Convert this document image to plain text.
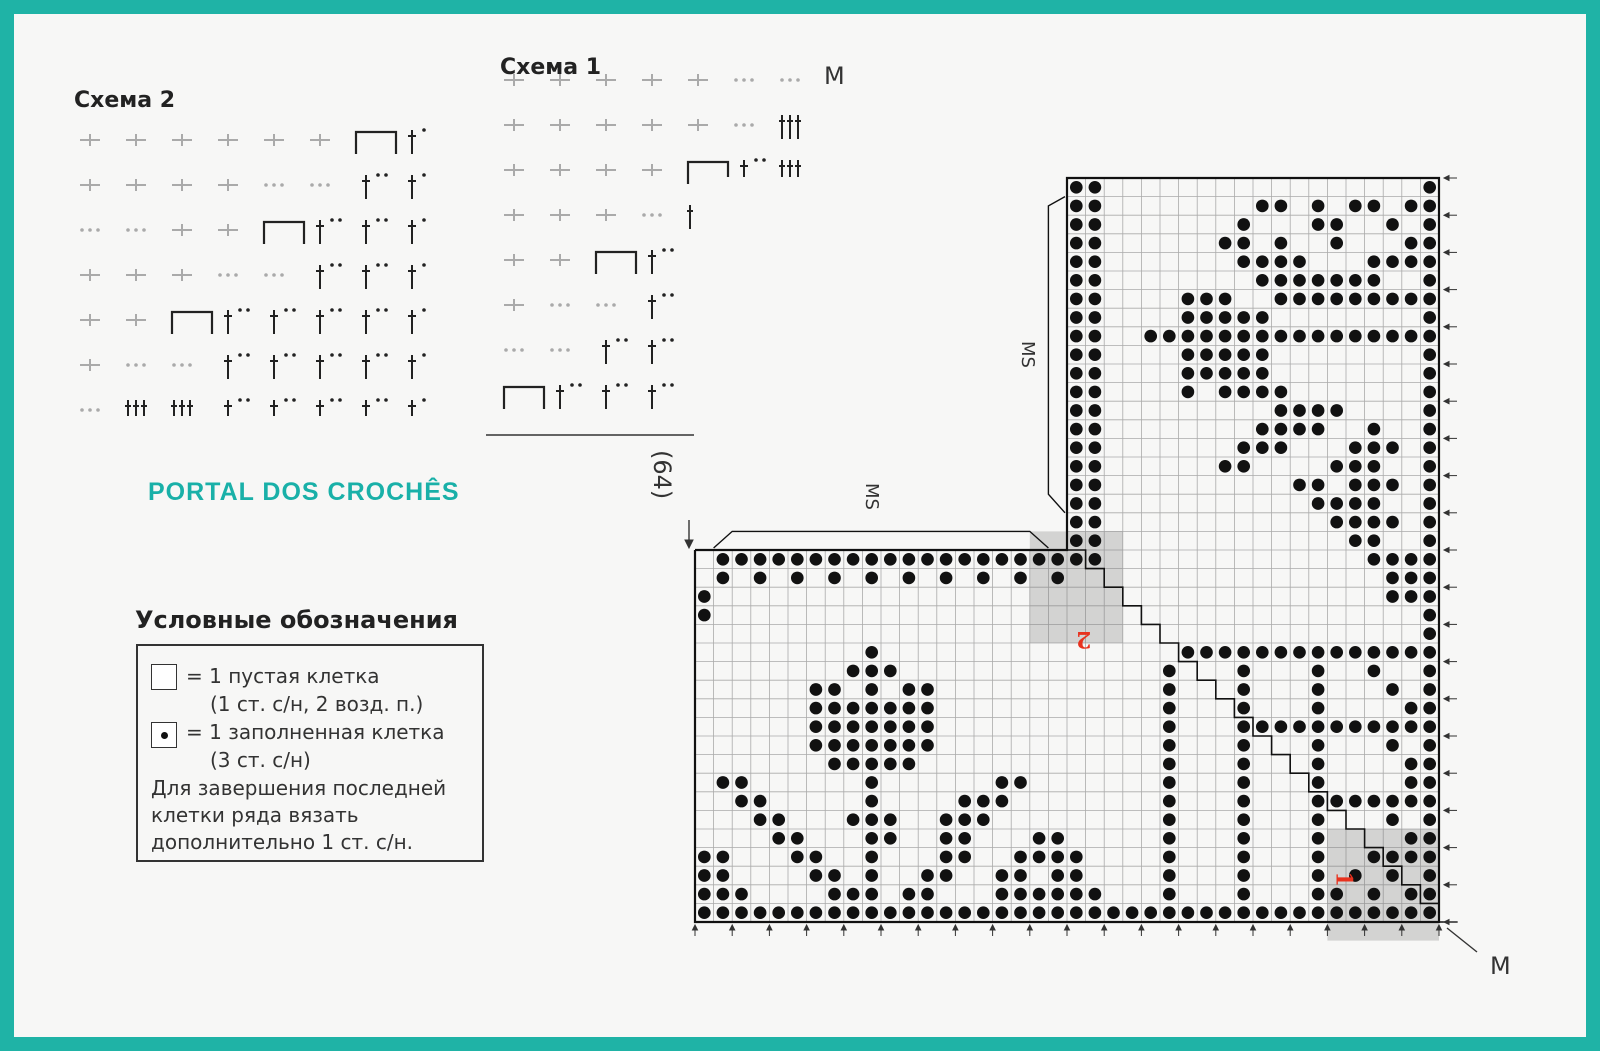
Схема 2
Схема 1	M
PORTAL DOS CROCHÊS
Условные обозначения
= 1 пустая клетка
(1 ст. с/н, 2 возд. п.)
= 1 заполненная клетка
(3 ст. с/н)
Для завершения последней
клетки ряда вязать
дополнительно 1 ст. с/н.
(64)	MS
MS
M
1
2
